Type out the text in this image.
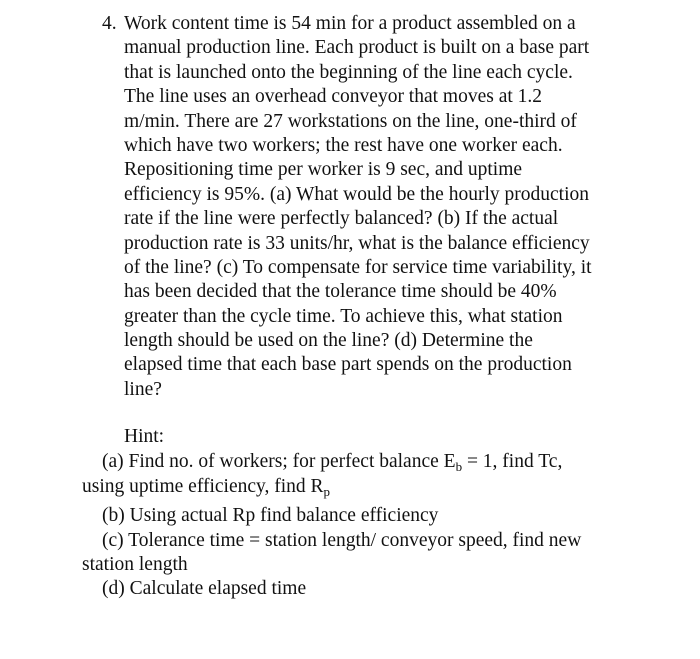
4. Work content time is 54 min for a product assembled on a
manual production line. Each product is built on a base part
that is launched onto the beginning of the line each cycle.
The line uses an overhead conveyor that moves at 1.2
m/min. There are 27 workstations on the line, one-third of
which have two workers; the rest have one worker each.
Repositioning time per worker is 9 sec, and uptime
efficiency is 95%. (a) What would be the hourly production
rate if the line were perfectly balanced? (b) If the actual
production rate is 33 units/hr, what is the balance efficiency
of the line? (c) To compensate for service time variability, it
has been decided that the tolerance time should be 40%
greater than the cycle time. To achieve this, what station
length should be used on the line? (d) Determine the
elapsed time that each base part spends on the production
line?
Hint:
(a) Find no. of workers; for perfect balance $E_b = 1$, find Tc,
using uptime efficiency, find $R_p$
(b) Using actual Rp find balance efficiency
(c) Tolerance time = station length/ conveyor speed, find new
station length
(d) Calculate elapsed time
